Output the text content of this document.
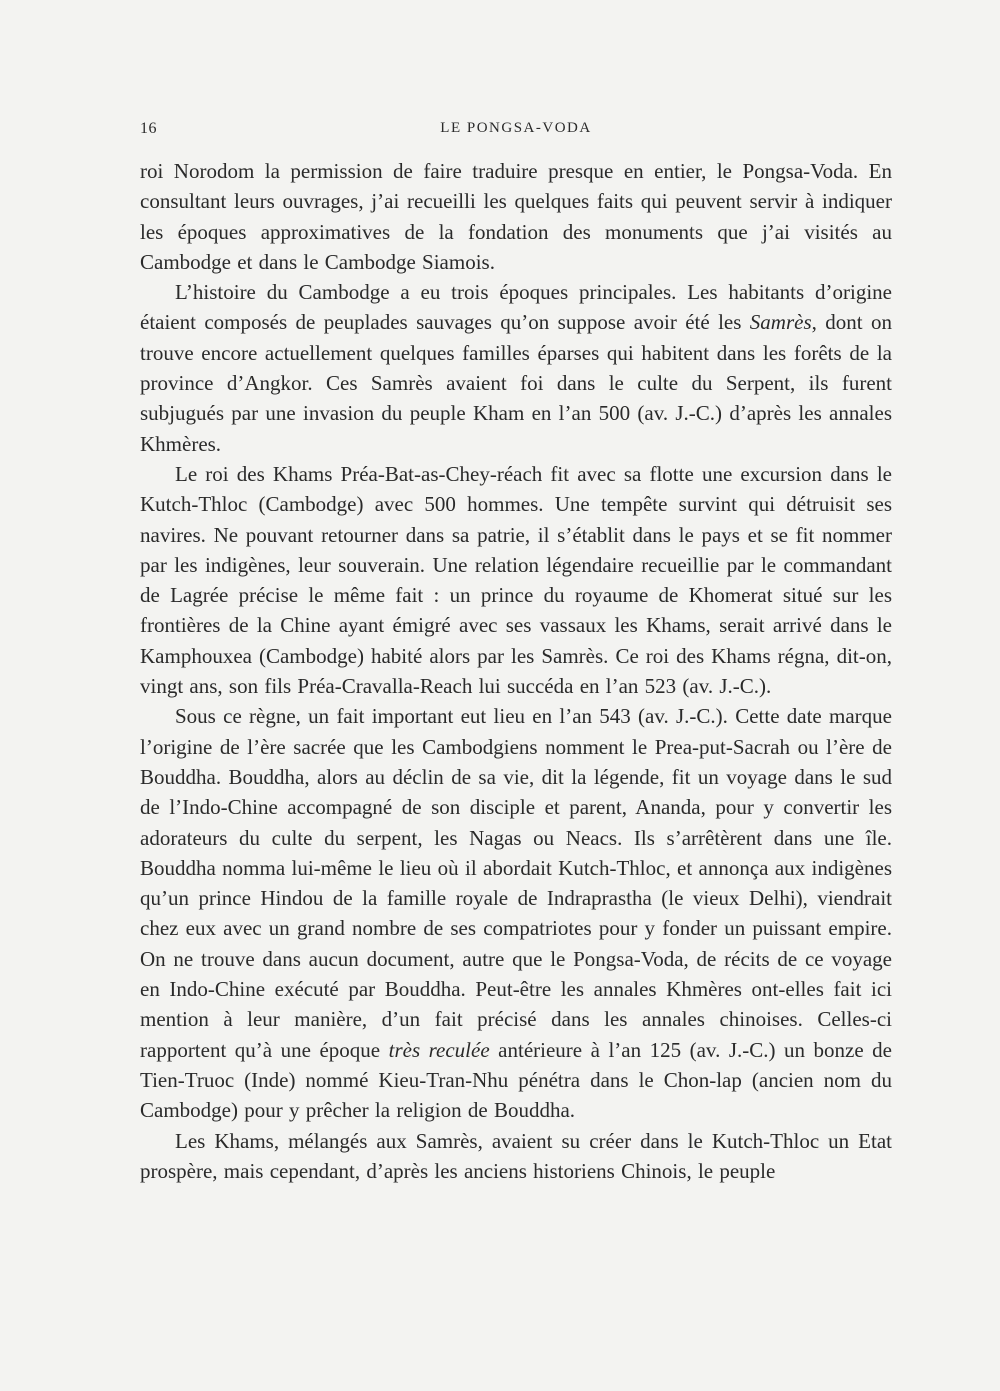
16	LE PONGSA-VODA

roi Norodom la permission de faire traduire presque en entier, le Pongsa-Voda. En consultant leurs ouvrages, j’ai recueilli les quelques faits qui peuvent servir à indiquer les époques approximatives de la fondation des monuments que j’ai visités au Cambodge et dans le Cambodge Siamois.

L’histoire du Cambodge a eu trois époques principales. Les habitants d’origine étaient composés de peuplades sauvages qu’on suppose avoir été les Samrès, dont on trouve encore actuellement quelques familles éparses qui habitent dans les forêts de la province d’Angkor. Ces Samrès avaient foi dans le culte du Serpent, ils furent subjugués par une invasion du peuple Kham en l’an 500 (av. J.-C.) d’après les annales Khmères.

Le roi des Khams Préa-Bat-as-Chey-réach fit avec sa flotte une excursion dans le Kutch-Thloc (Cambodge) avec 500 hommes. Une tempête survint qui détruisit ses navires. Ne pouvant retourner dans sa patrie, il s’établit dans le pays et se fit nommer par les indigènes, leur souverain. Une relation légendaire recueillie par le commandant de Lagrée précise le même fait : un prince du royaume de Khomerat situé sur les frontières de la Chine ayant émigré avec ses vassaux les Khams, serait arrivé dans le Kamphouxea (Cambodge) habité alors par les Samrès. Ce roi des Khams régna, dit-on, vingt ans, son fils Préa-Cravalla-Reach lui succéda en l’an 523 (av. J.-C.).

Sous ce règne, un fait important eut lieu en l’an 543 (av. J.-C.). Cette date marque l’origine de l’ère sacrée que les Cambodgiens nomment le Prea-put-Sacrah ou l’ère de Bouddha. Bouddha, alors au déclin de sa vie, dit la légende, fit un voyage dans le sud de l’Indo-Chine accompagné de son disciple et parent, Ananda, pour y convertir les adorateurs du culte du serpent, les Nagas ou Neacs. Ils s’arrêtèrent dans une île. Bouddha nomma lui-même le lieu où il abordait Kutch-Thloc, et annonça aux indigènes qu’un prince Hindou de la famille royale de Indraprastha (le vieux Delhi), viendrait chez eux avec un grand nombre de ses compatriotes pour y fonder un puissant empire. On ne trouve dans aucun document, autre que le Pongsa-Voda, de récits de ce voyage en Indo-Chine exécuté par Bouddha. Peut-être les annales Khmères ont-elles fait ici mention à leur manière, d’un fait précisé dans les annales chinoises. Celles-ci rapportent qu’à une époque très reculée antérieure à l’an 125 (av. J.-C.) un bonze de Tien-Truoc (Inde) nommé Kieu-Tran-Nhu pénétra dans le Chon-lap (ancien nom du Cambodge) pour y prêcher la religion de Bouddha.

Les Khams, mélangés aux Samrès, avaient su créer dans le Kutch-Thloc un Etat prospère, mais cependant, d’après les anciens historiens Chinois, le peuple
